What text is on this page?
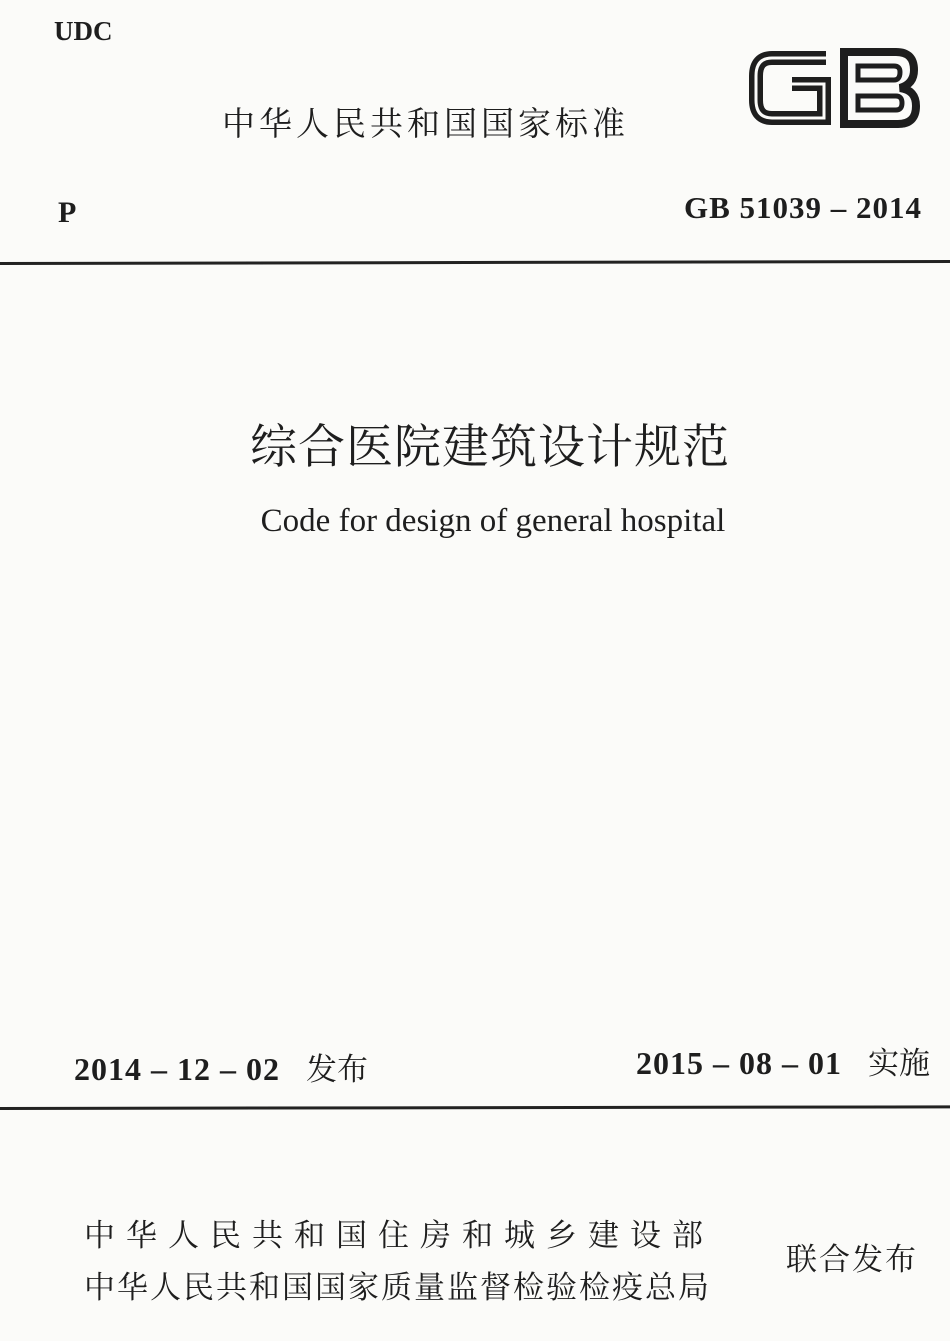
UDC
中华人民共和国国家标准
P	GB 51039 – 2014
综合医院建筑设计规范
Code for design of general hospital
2014 – 12 – 02 发布	2015 – 08 – 01 实施
中华人民共和国住房和城乡建设部
中华人民共和国国家质量监督检验检疫总局
联合发布
